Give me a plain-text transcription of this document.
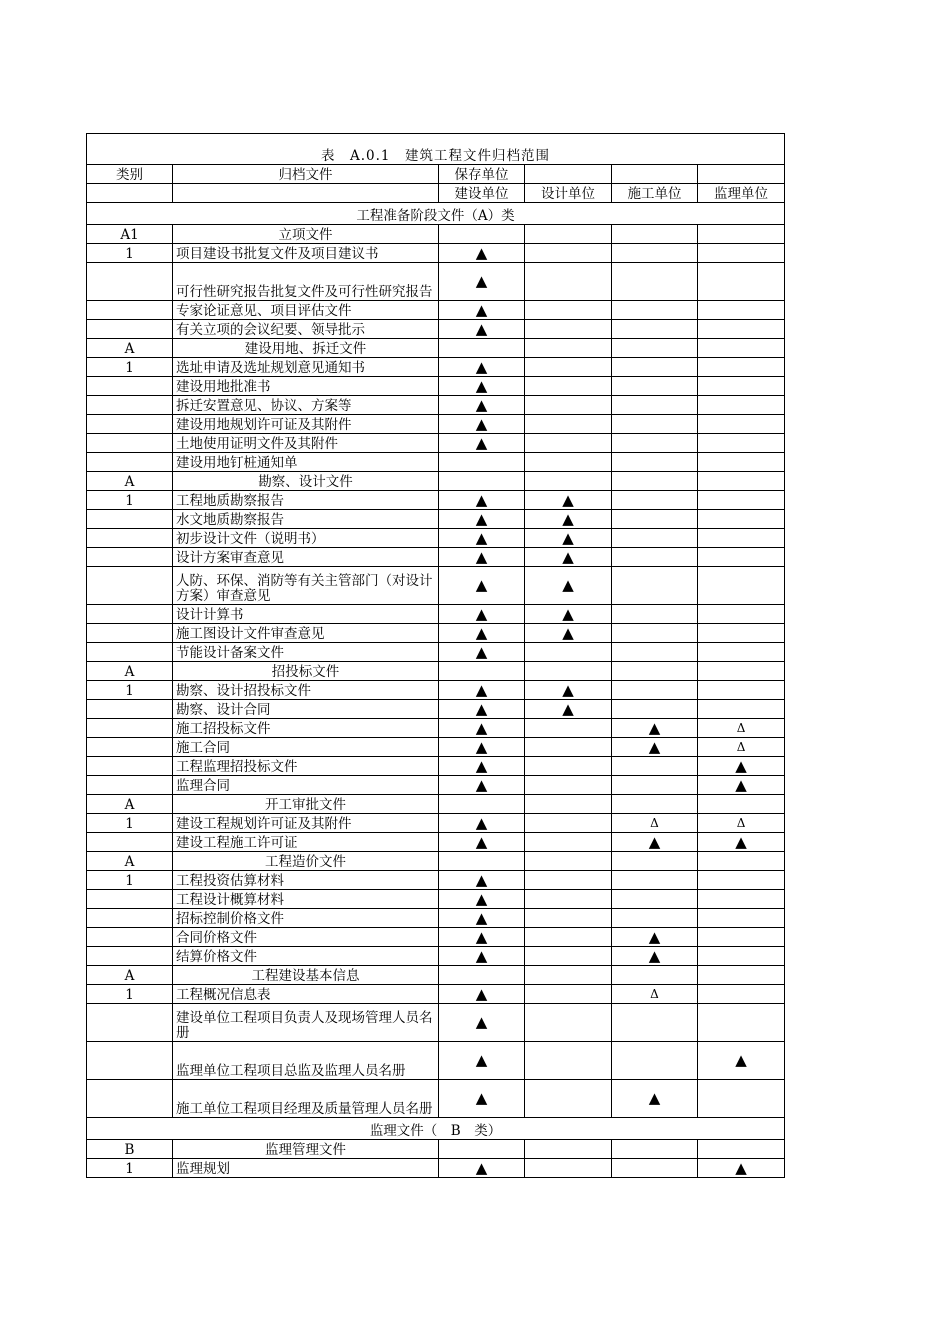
表　A.0.1　建筑工程文件归档范围					
类别	归档文件	保存单位			
		建设单位	设计单位	施工单位	监理单位
工程准备阶段文件（A）类					
A1	立项文件				
1	项目建设书批复文件及项目建议书	▲			
	可行性研究报告批复文件及可行性研究报告	▲			
	专家论证意见、项目评估文件	▲			
	有关立项的会议纪要、领导批示	▲			
A	建设用地、拆迁文件				
1	选址申请及选址规划意见通知书	▲			
	建设用地批准书	▲			
	拆迁安置意见、协议、方案等	▲			
	建设用地规划许可证及其附件	▲			
	土地使用证明文件及其附件	▲			
	建设用地钉桩通知单				
A	勘察、设计文件				
1	工程地质勘察报告	▲	▲		
	水文地质勘察报告	▲	▲		
	初步设计文件（说明书）	▲	▲		
	设计方案审查意见	▲	▲		
	人防、环保、消防等有关主管部门（对设计方案）审查意见	▲	▲		
	设计计算书	▲	▲		
	施工图设计文件审查意见	▲	▲		
	节能设计备案文件	▲			
A	招投标文件				
1	勘察、设计招投标文件	▲	▲		
	勘察、设计合同	▲	▲		
	施工招投标文件	▲		▲	Δ
	施工合同	▲		▲	Δ
	工程监理招投标文件	▲			▲
	监理合同	▲			▲
A	开工审批文件				
1	建设工程规划许可证及其附件	▲		Δ	Δ
	建设工程施工许可证	▲		▲	▲
A	工程造价文件				
1	工程投资估算材料	▲			
	工程设计概算材料	▲			
	招标控制价格文件	▲			
	合同价格文件	▲		▲	
	结算价格文件	▲		▲	
A	工程建设基本信息				
1	工程概况信息表	▲		Δ	
	建设单位工程项目负责人及现场管理人员名册	▲			
	监理单位工程项目总监及监理人员名册	▲			▲
	施工单位工程项目经理及质量管理人员名册	▲		▲	
监理文件（　B　类）					
B	监理管理文件				
1	监理规划	▲			▲
